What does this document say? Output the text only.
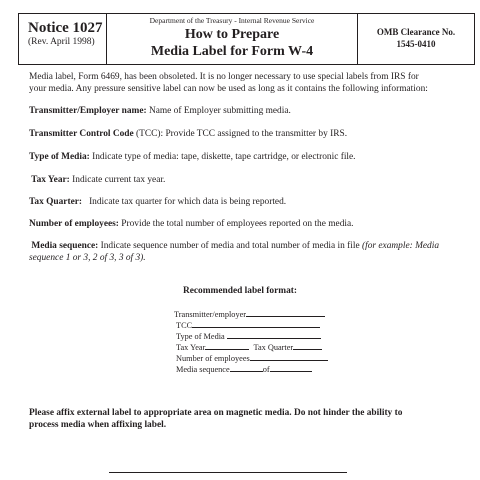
Notice 1027
(Rev. April 1998)
Department of the Treasury - Internal Revenue Service
How to Prepare
Media Label for Form W-4
OMB Clearance No.
1545-0410
Media label, Form 6469, has been obsoleted. It is no longer necessary to use special labels from IRS for
your media. Any pressure sensitive label can now be used as long as it contains the following information:
Transmitter/Employer name: Name of Employer submitting media.
Transmitter Control Code (TCC): Provide TCC assigned to the transmitter by IRS.
Type of Media: Indicate type of media: tape, diskette, tape cartridge, or electronic file.
Tax Year: Indicate current tax year.
Tax Quarter:   Indicate tax quarter for which data is being reported.
Number of employees: Provide the total number of employees reported on the media.
Media sequence: Indicate sequence number of media and total number of media in file (for example: Media
sequence 1 or 3, 2 of 3, 3 of 3).
Recommended label format:
Transmitter/employer
TCC
Type of Media
Tax Year	Tax Quarter
Number of employees
Media sequence	of
Please affix external label to appropriate area on magnetic media. Do not hinder the ability to
process media when affixing label.
